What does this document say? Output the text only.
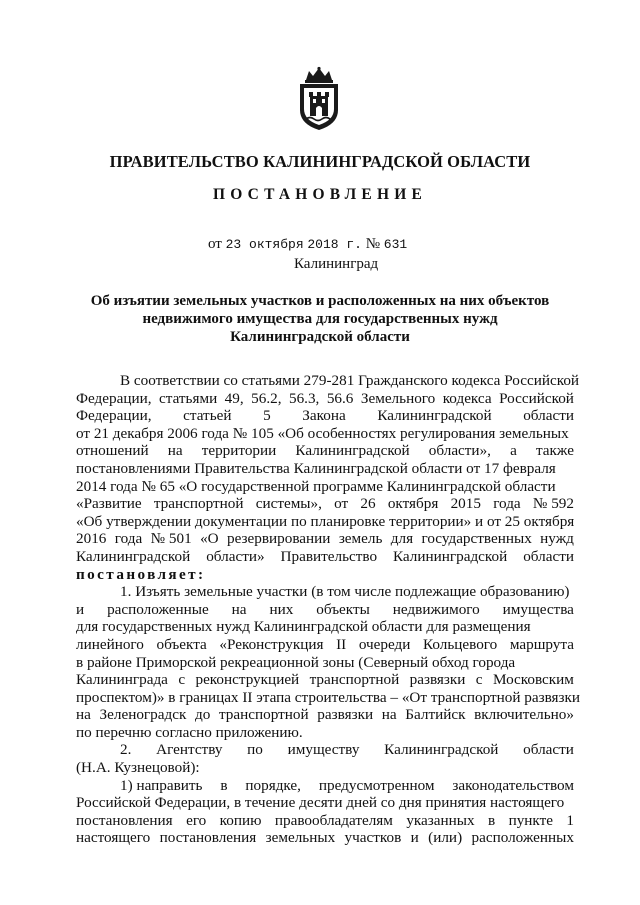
ПРАВИТЕЛЬСТВО КАЛИНИНГРАДСКОЙ ОБЛАСТИ
ПОСТАНОВЛЕНИЕ
от 23 октября 2018 г. № 631
Калининград
Об изъятии земельных участков и расположенных на них объектов
недвижимого имущества для государственных нужд
Калининградской области
В соответствии со статьями 279-281 Гражданского кодекса Российской
Федерации, статьями 49, 56.2, 56.3, 56.6 Земельного кодекса Российской
Федерации, статьей 5 Закона Калининградской области
от 21 декабря 2006 года № 105 «Об особенностях регулирования земельных
отношений на территории Калининградской области», а также
постановлениями Правительства Калининградской области от 17 февраля
2014 года № 65 «О государственной программе Калининградской области
«Развитие транспортной системы», от 26 октября 2015 года № 592
«Об утверждении документации по планировке территории» и от 25 октября
2016 года № 501 «О резервировании земель для государственных нужд
Калининградской области» Правительство Калининградской области
постановляет:
1. Изъять земельные участки (в том числе подлежащие образованию)
и расположенные на них объекты недвижимого имущества
для государственных нужд Калининградской области для размещения
линейного объекта «Реконструкция II очереди Кольцевого маршрута
в районе Приморской рекреационной зоны (Северный обход города
Калининграда с реконструкцией транспортной развязки с Московским
проспектом)» в границах II этапа строительства – «От транспортной развязки
на Зеленоградск до транспортной развязки на Балтийск включительно»
по перечню согласно приложению.
2. Агентству по имуществу Калининградской области
(Н.А. Кузнецовой):
1) направить в порядке, предусмотренном законодательством
Российской Федерации, в течение десяти дней со дня принятия настоящего
постановления его копию правообладателям указанных в пункте 1
настоящего постановления земельных участков и (или) расположенных
